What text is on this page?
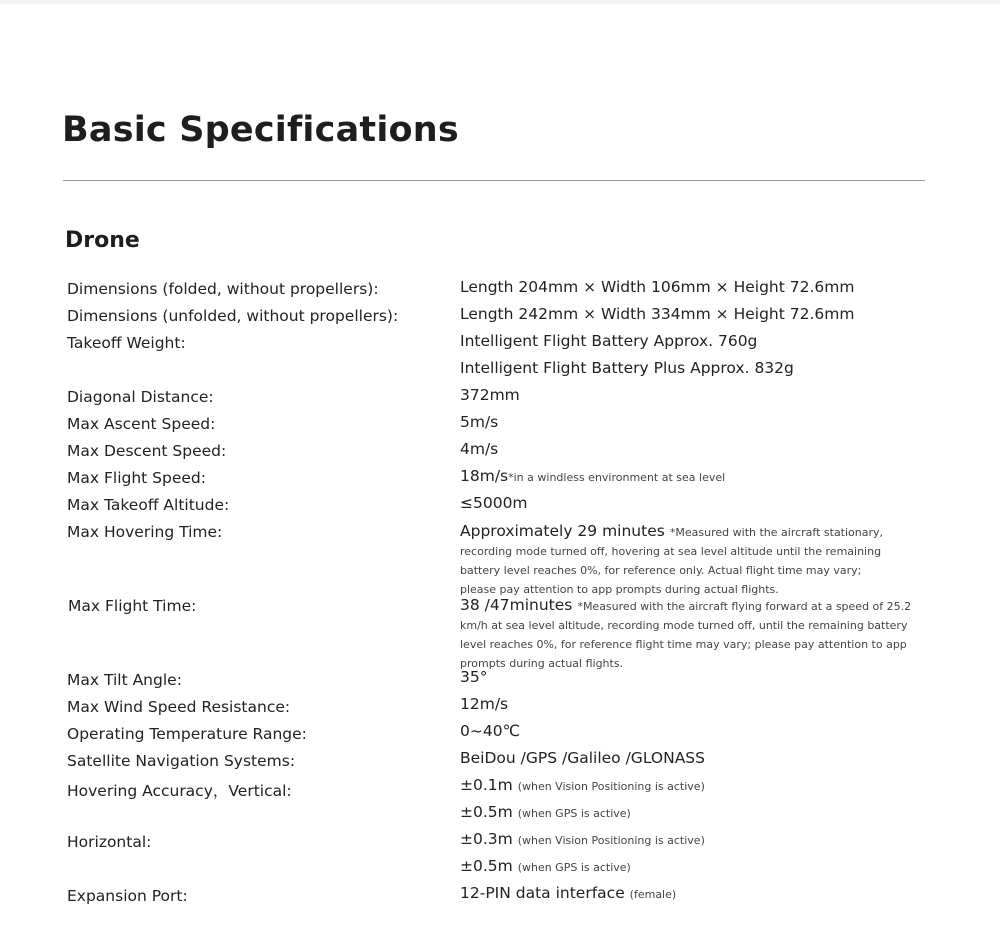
Basic Specifications
Drone
Dimensions (folded, without propellers):	Length 204mm × Width 106mm × Height 72.6mm
Dimensions (unfolded, without propellers):	Length 242mm × Width 334mm × Height 72.6mm
Takeoff Weight:	Intelligent Flight Battery Approx. 760g
Intelligent Flight Battery Plus Approx. 832g
Diagonal Distance:	372mm
Max Ascent Speed:	5m/s
Max Descent Speed:	4m/s
Max Flight Speed:	18m/s*in a windless environment at sea level
Max Takeoff Altitude:	≤5000m
Max Hovering Time:	Approximately 29 minutes *Measured with the aircraft stationary, recording mode turned off, hovering at sea level altitude until the remaining battery level reaches 0%, for reference only. Actual flight time may vary; please pay attention to app prompts during actual flights.
Max Flight Time:	38 /47minutes *Measured with the aircraft flying forward at a speed of 25.2 km/h at sea level altitude, recording mode turned off, until the remaining battery level reaches 0%, for reference flight time may vary; please pay attention to app prompts during actual flights.
Max Tilt Angle:	35°
Max Wind Speed Resistance:	12m/s
Operating Temperature Range:	0~40℃
Satellite Navigation Systems:	BeiDou /GPS /Galileo /GLONASS
Hovering Accuracy，Vertical:	±0.1m (when Vision Positioning is active)
±0.5m (when GPS is active)
Horizontal:	±0.3m (when Vision Positioning is active)
±0.5m (when GPS is active)
Expansion Port:	12-PIN data interface (female)
